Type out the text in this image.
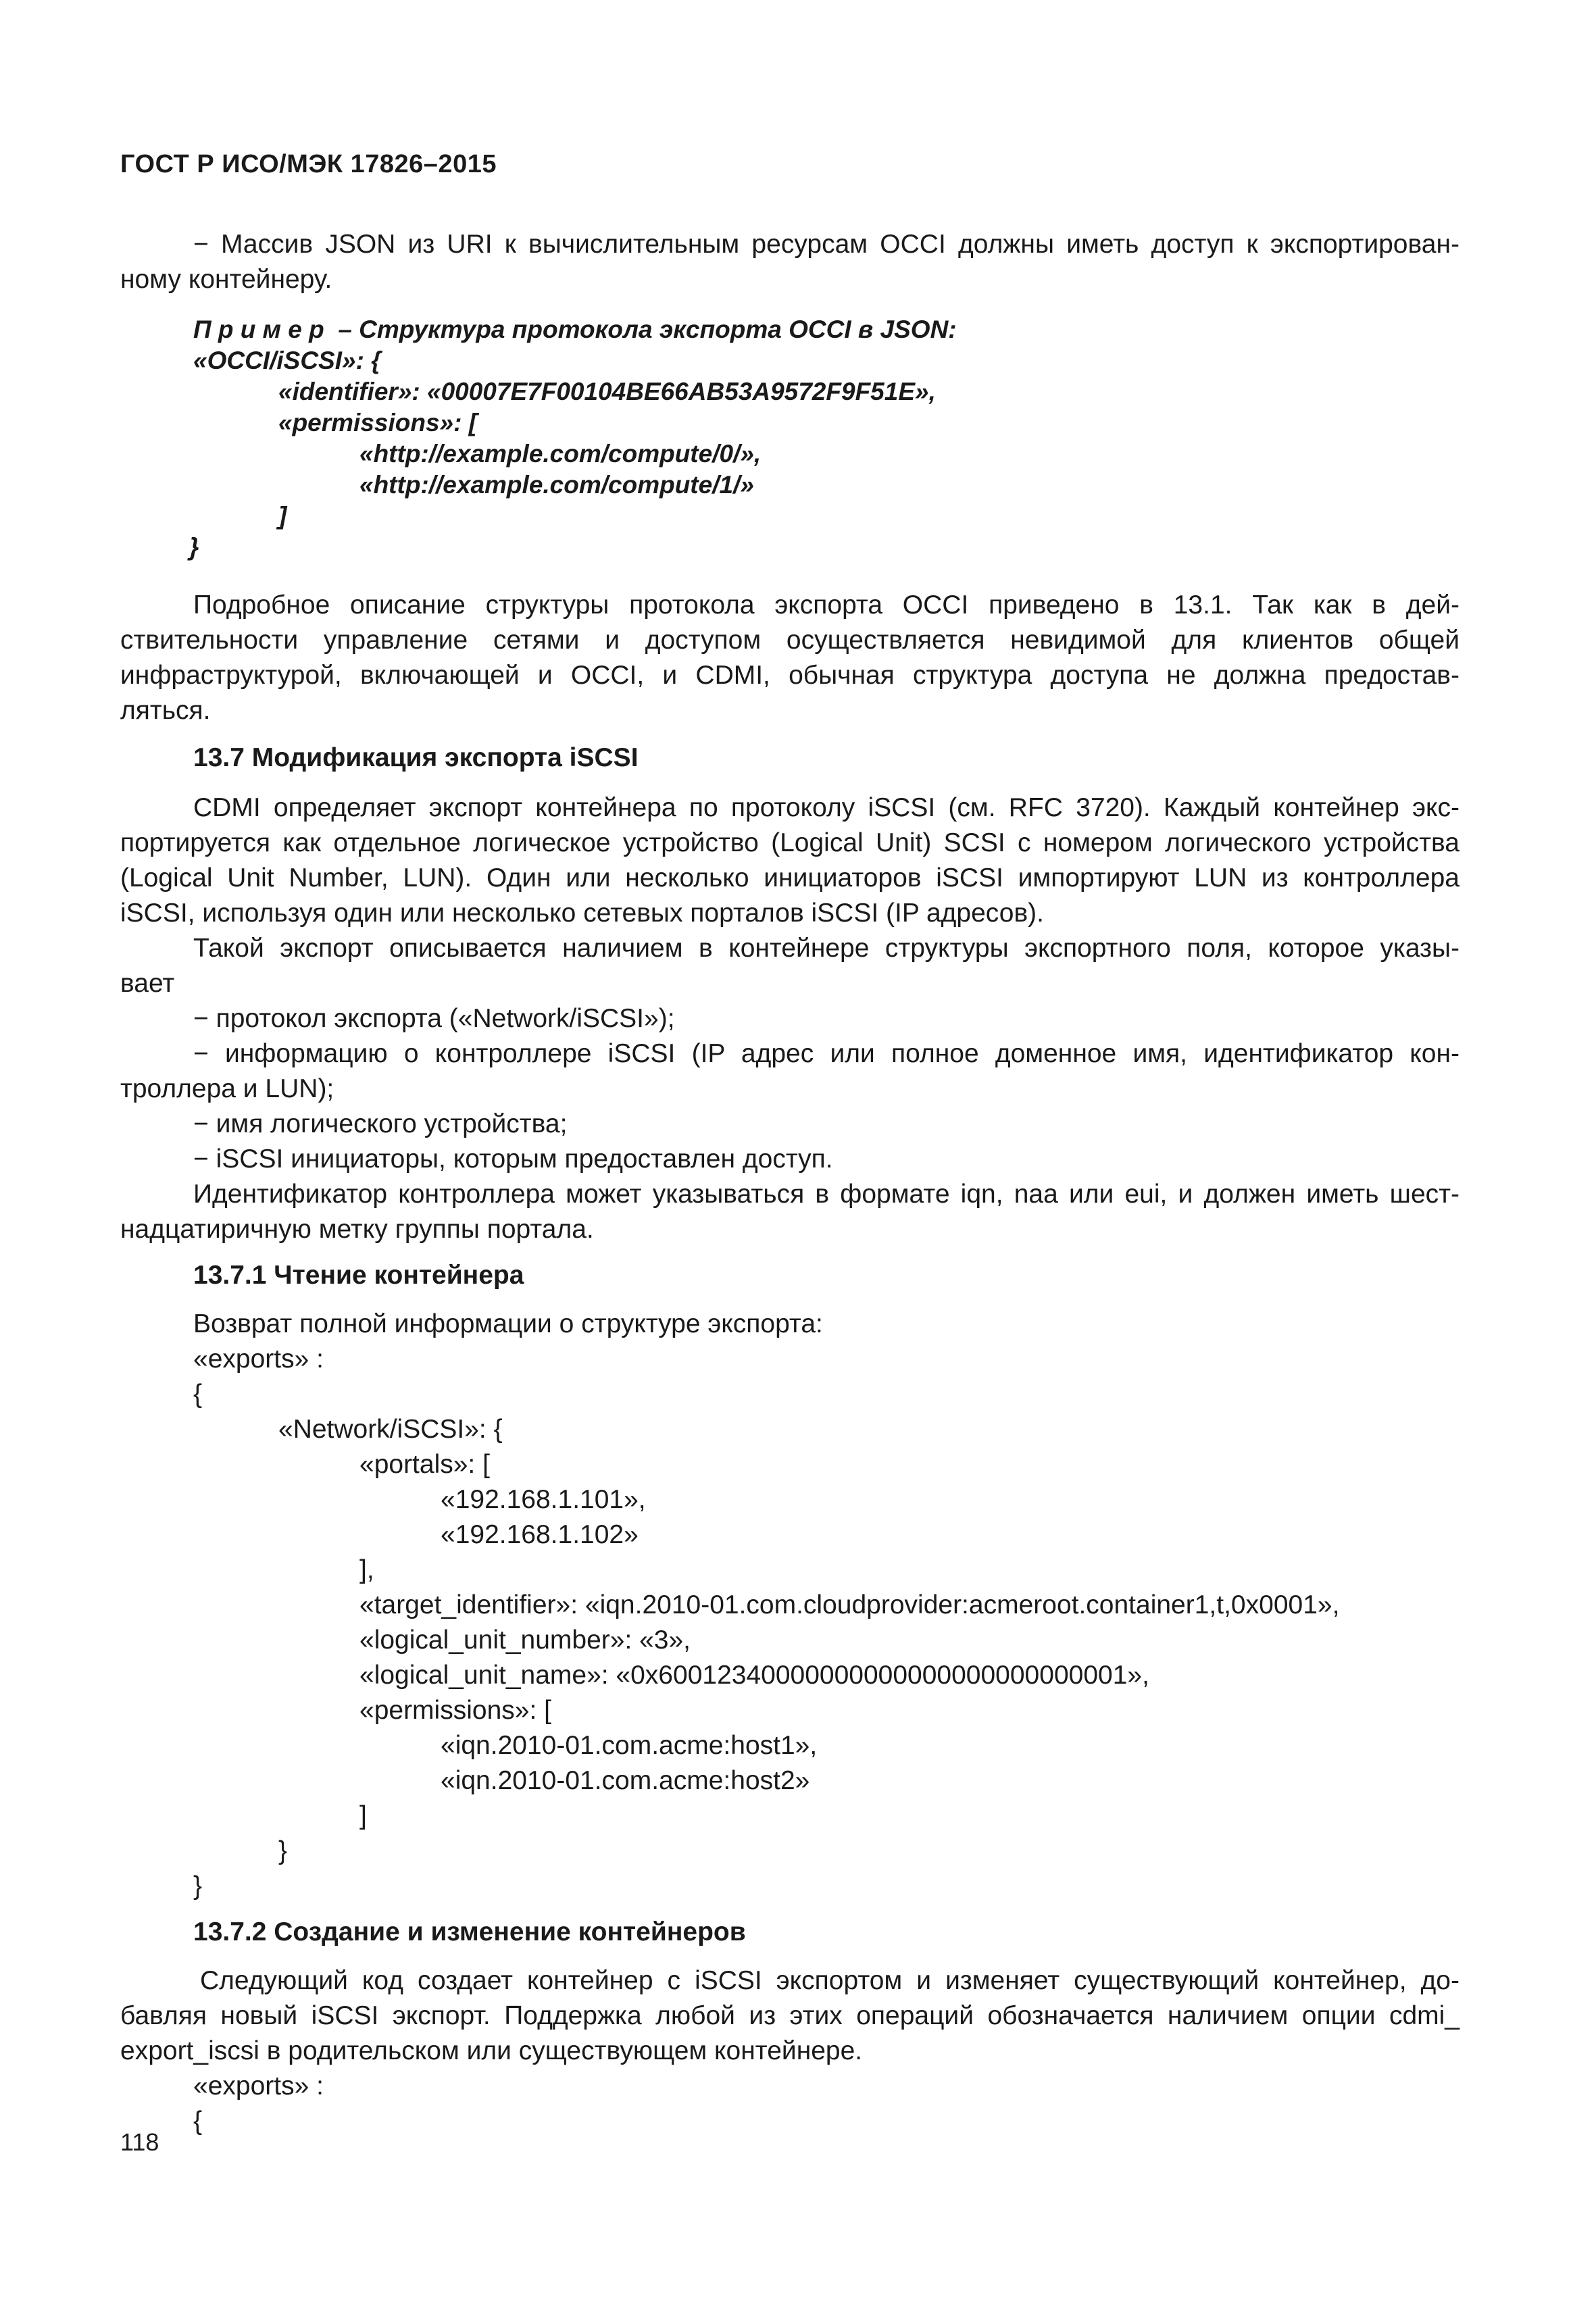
ГОСТ Р ИСО/МЭК 17826–2015
− Массив JSON из URI к вычислительным ресурсам OCCI должны иметь доступ к экспортирован-
ному контейнеру.
П р и м е р  – Структура протокола экспорта OCCI в JSON:
«OCCI/iSCSI»: {
«identifier»: «00007E7F00104BE66AB53A9572F9F51E»,
«permissions»: [
«http://example.com/compute/0/»,
«http://example.com/compute/1/»
]
}
Подробное описание структуры протокола экспорта OCCI приведено в 13.1. Так как в дей-
ствительности управление сетями и доступом осуществляется невидимой для клиентов общей
инфраструктурой, включающей и OCCI, и CDMI, обычная структура доступа не должна предостав-
ляться.
13.7 Модификация экспорта iSCSI
CDMI определяет экспорт контейнера по протоколу iSCSI (см. RFC 3720). Каждый контейнер экс-
портируется как отдельное логическое устройство (Logical Unit) SCSI с номером логического устройства
(Logical Unit Number, LUN). Один или несколько инициаторов iSCSI импортируют LUN из контроллера
iSCSI, используя один или несколько сетевых порталов iSCSI (IP адресов).
Такой экспорт описывается наличием в контейнере структуры экспортного поля, которое указы-
вает
− протокол экспорта («Network/iSCSI»);
− информацию о контроллере iSCSI (IP адрес или полное доменное имя, идентификатор кон-
троллера и LUN);
− имя логического устройства;
− iSCSI инициаторы, которым предоставлен доступ.
Идентификатор контроллера может указываться в формате iqn, naa или eui, и должен иметь шест-
надцатиричную метку группы портала.
13.7.1 Чтение контейнера
Возврат полной информации о структуре экспорта:
«exports» :
{
«Network/iSCSI»: {
«portals»: [
«192.168.1.101»,
«192.168.1.102»
],
«target_identifier»: «iqn.2010-01.com.cloudprovider:acmeroot.container1,t,0x0001»,
«logical_unit_number»: «3»,
«logical_unit_name»: «0x60012340000000000000000000000001»,
«permissions»: [
«iqn.2010-01.com.acme:host1»,
«iqn.2010-01.com.acme:host2»
]
}
}
13.7.2 Создание и изменение контейнеров
Следующий код создает контейнер с iSCSI экспортом и изменяет существующий контейнер, до-
бавляя новый iSCSI экспорт. Поддержка любой из этих операций обозначается наличием опции cdmi_
export_iscsi в родительском или существующем контейнере.
«exports» :
{
118
